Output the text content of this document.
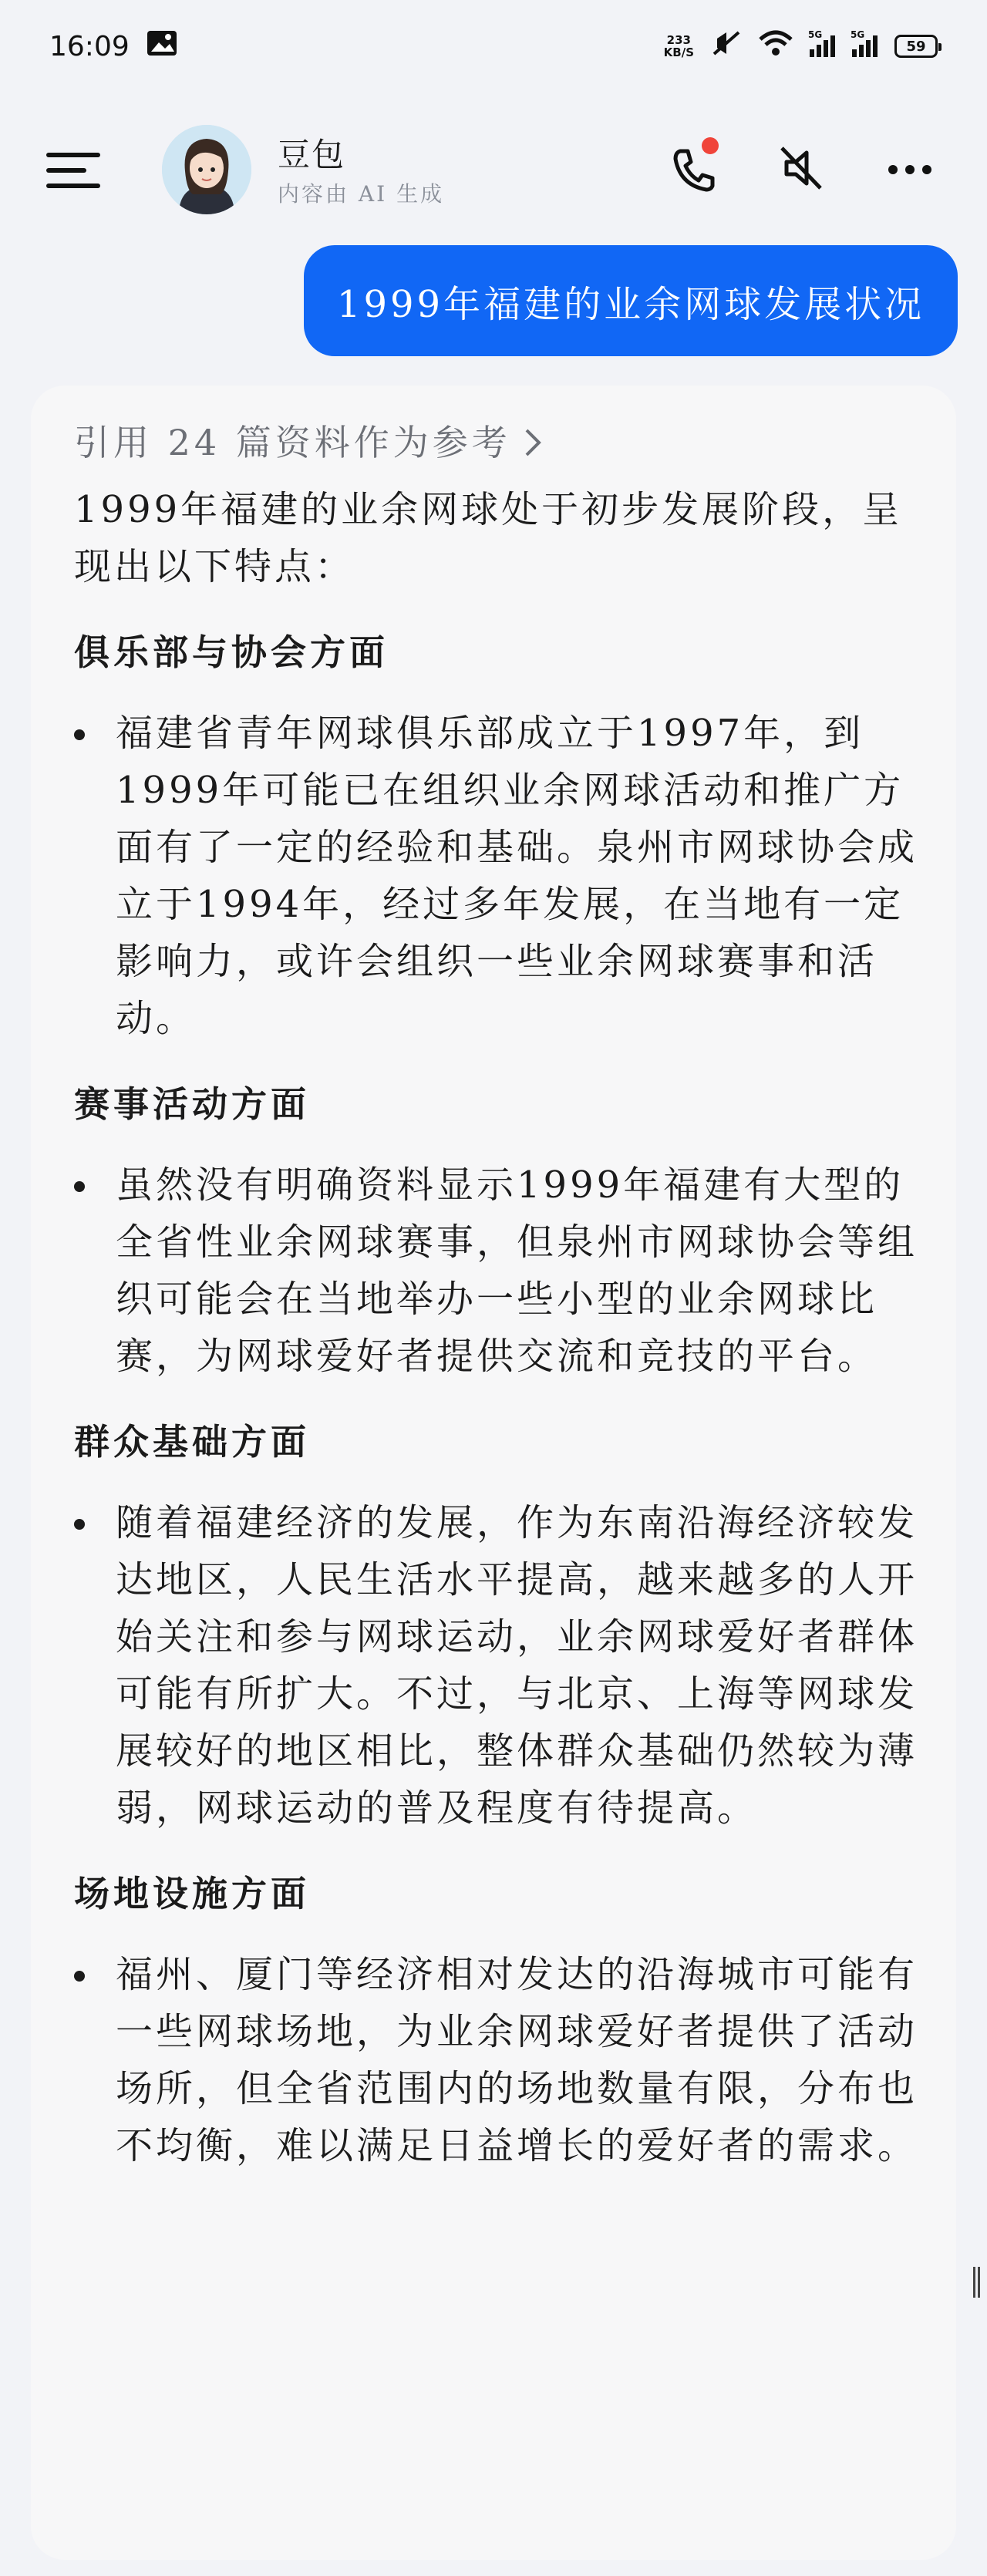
16:09	233
KB/S
5G	5G
59
豆包
内容由 AI 生成
1999年福建的业余网球发展状况
引用 24 篇资料作为参考
1999年福建的业余网球处于初步发展阶段，呈现出以下特点：
俱乐部与协会方面
福建省青年网球俱乐部成立于1997年，到1999年可能已在组织业余网球活动和推广方面有了一定的经验和基础。泉州市网球协会成立于1994年，经过多年发展，在当地有一定影响力，或许会组织一些业余网球赛事和活动。
赛事活动方面
虽然没有明确资料显示1999年福建有大型的全省性业余网球赛事，但泉州市网球协会等组织可能会在当地举办一些小型的业余网球比赛，为网球爱好者提供交流和竞技的平台。
群众基础方面
随着福建经济的发展，作为东南沿海经济较发达地区，人民生活水平提高，越来越多的人开始关注和参与网球运动，业余网球爱好者群体可能有所扩大。不过，与北京、上海等网球发展较好的地区相比，整体群众基础仍然较为薄弱，网球运动的普及程度有待提高。
场地设施方面
福州、厦门等经济相对发达的沿海城市可能有一些网球场地，为业余网球爱好者提供了活动场所，但全省范围内的场地数量有限，分布也不均衡，难以满足日益增长的爱好者的需求。
